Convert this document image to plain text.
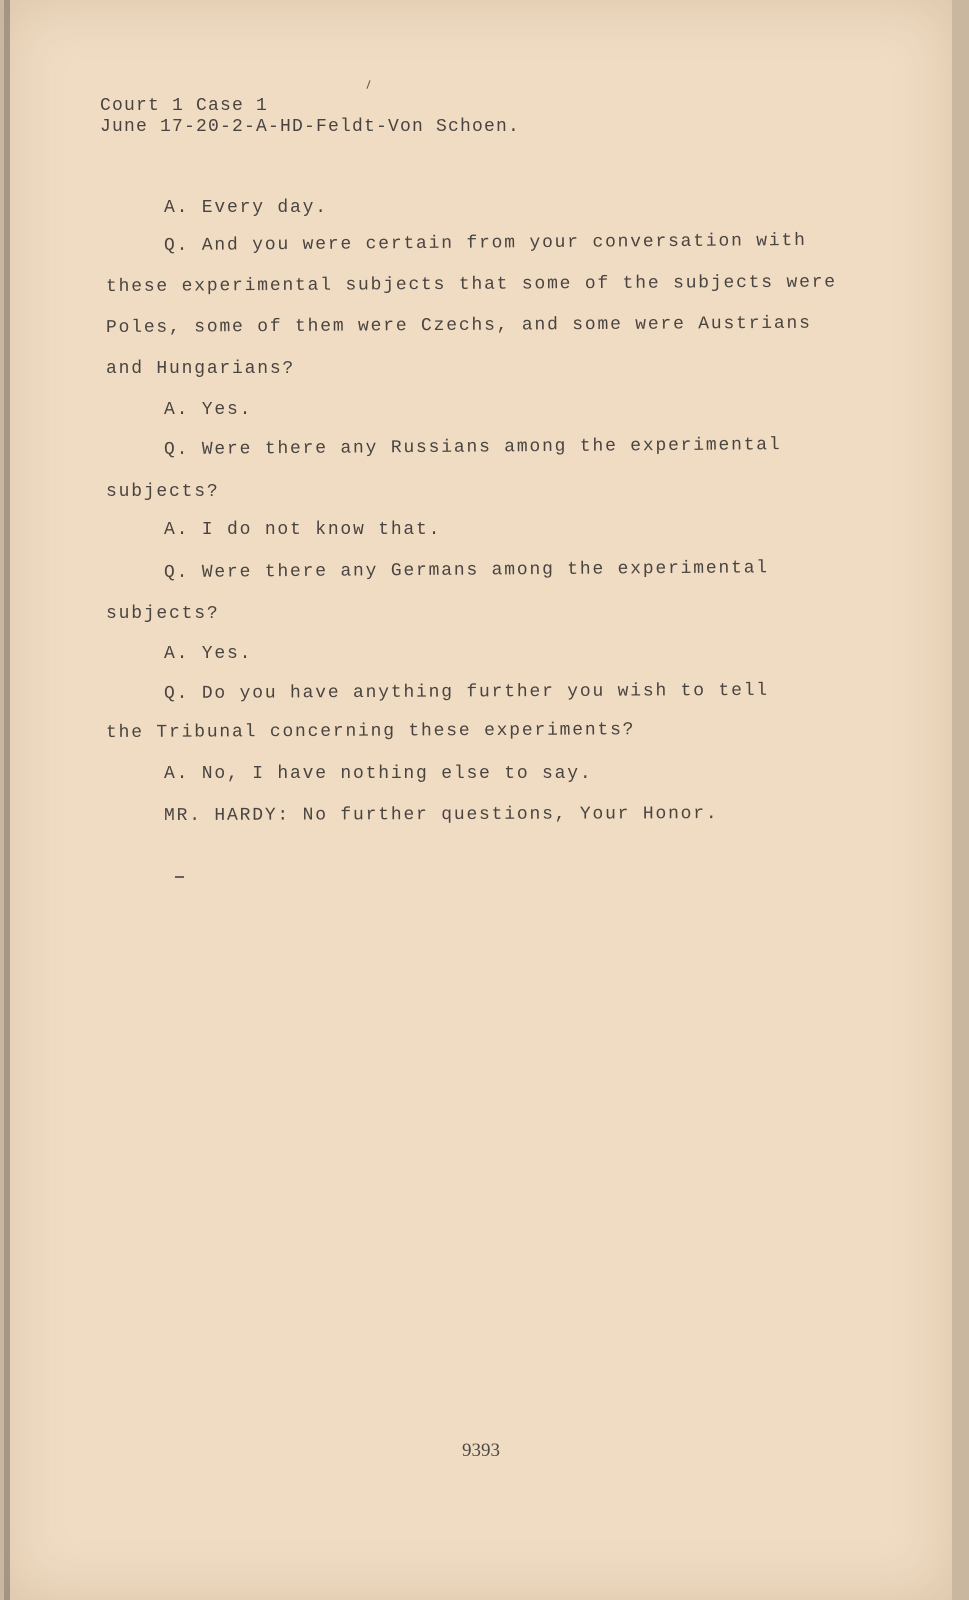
Court 1 Case 1
June 17-20-2-A-HD-Feldt-Von Schoen.
A. Every day.
Q. And you were certain from your conversation with
these experimental subjects that some of the subjects were
Poles, some of them were Czechs, and some were Austrians
and Hungarians?
A. Yes.
Q. Were there any Russians among the experimental
subjects?
A. I do not know that.
Q. Were there any Germans among the experimental
subjects?
A. Yes.
Q. Do you have anything further you wish to tell
the Tribunal concerning these experiments?
A. No, I have nothing else to say.
MR. HARDY: No further questions, Your Honor.
9393
